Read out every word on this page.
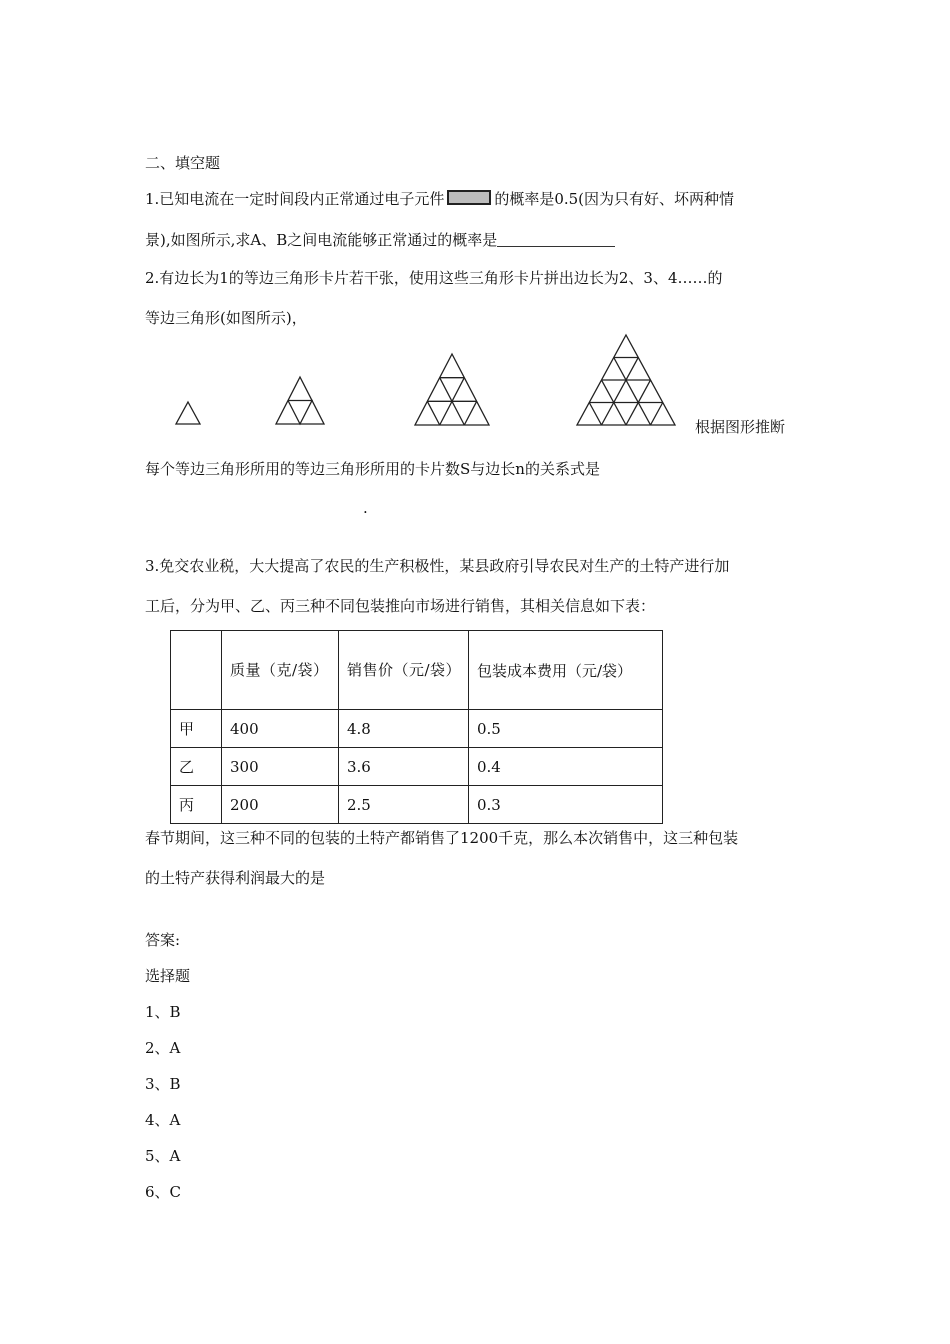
二、填空题
1.已知电流在一定时间段内正常通过电子元件	的概率是0.5(因为只有好、坏两种情
景),如图所示,求A、B之间电流能够正常通过的概率是
2.有边长为1的等边三角形卡片若干张，使用这些三角形卡片拼出边长为2、3、4……的
等边三角形(如图所示)，
根据图形推断
每个等边三角形所用的等边三角形所用的卡片数S与边长n的关系式是
.
3.免交农业税，大大提高了农民的生产积极性，某县政府引导农民对生产的土特产进行加
工后，分为甲、乙、丙三种不同包装推向市场进行销售，其相关信息如下表：
	质量（克/袋）	销售价（元/袋）	包装成本费用（元/袋）
甲	400	4.8	0.5
乙	300	3.6	0.4
丙	200	2.5	0.3
春节期间，这三种不同的包装的土特产都销售了1200千克，那么本次销售中，这三种包装
的土特产获得利润最大的是
答案:
选择题
1、B
2、A
3、B
4、A
5、A
6、C
